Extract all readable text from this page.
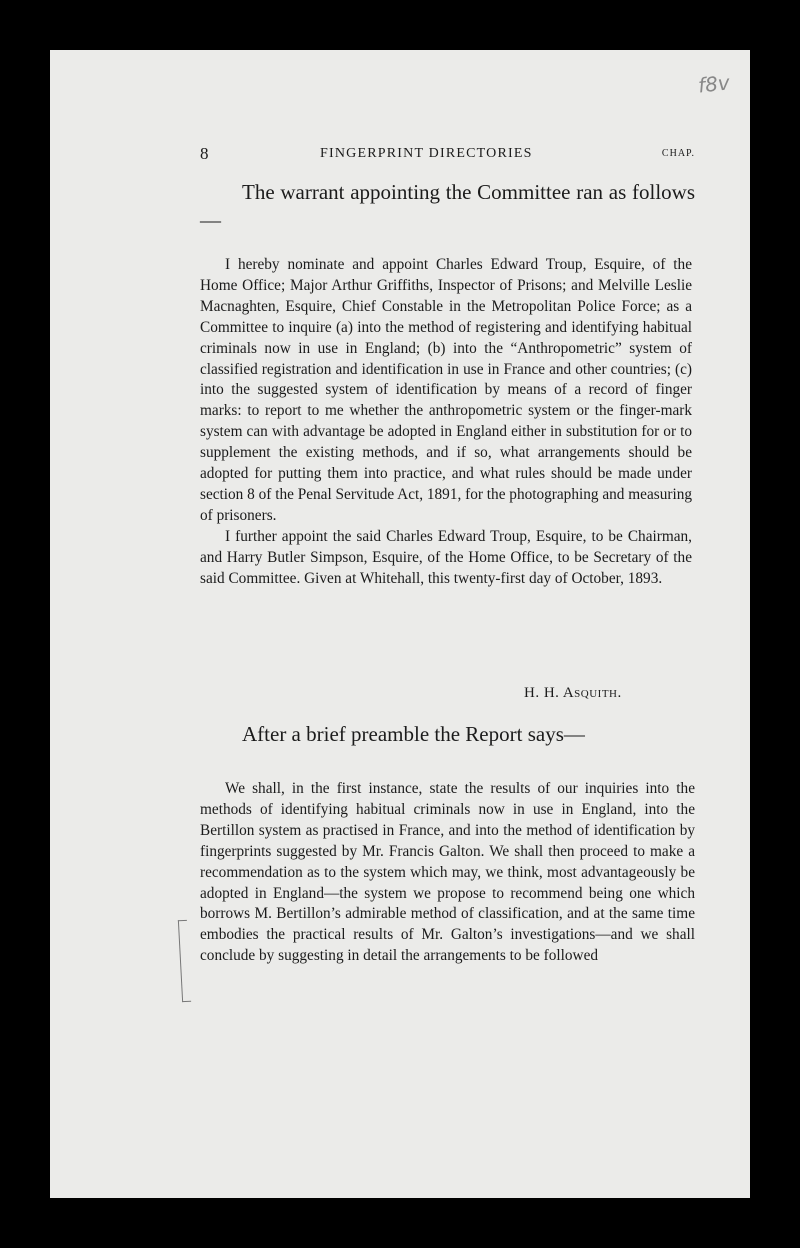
f8v
8	FINGERPRINT DIRECTORIES	CHAP.

The warrant appointing the Committee ran as follows—

I hereby nominate and appoint Charles Edward Troup, Esquire, of the Home Office; Major Arthur Griffiths, Inspector of Prisons; and Melville Leslie Macnaghten, Esquire, Chief Constable in the Metropolitan Police Force; as a Committee to inquire (a) into the method of registering and identifying habitual criminals now in use in England; (b) into the “Anthropometric” system of classified registration and identification in use in France and other countries; (c) into the suggested system of identification by means of a record of finger marks: to report to me whether the anthropometric system or the finger-mark system can with advantage be adopted in England either in substitution for or to supplement the existing methods, and if so, what arrangements should be adopted for putting them into practice, and what rules should be made under section 8 of the Penal Servitude Act, 1891, for the photographing and measuring of prisoners.

I further appoint the said Charles Edward Troup, Esquire, to be Chairman, and Harry Butler Simpson, Esquire, of the Home Office, to be Secretary of the said Committee. Given at Whitehall, this twenty-first day of October, 1893.

H. H. Asquith.

After a brief preamble the Report says—

We shall, in the first instance, state the results of our inquiries into the methods of identifying habitual criminals now in use in England, into the Bertillon system as practised in France, and into the method of identification by fingerprints suggested by Mr. Francis Galton. We shall then proceed to make a recommendation as to the system which may, we think, most advantageously be adopted in England—the system we propose to recommend being one which borrows M. Bertillon’s admirable method of classification, and at the same time embodies the practical results of Mr. Galton’s investigations—and we shall conclude by suggesting in detail the arrangements to be followed
